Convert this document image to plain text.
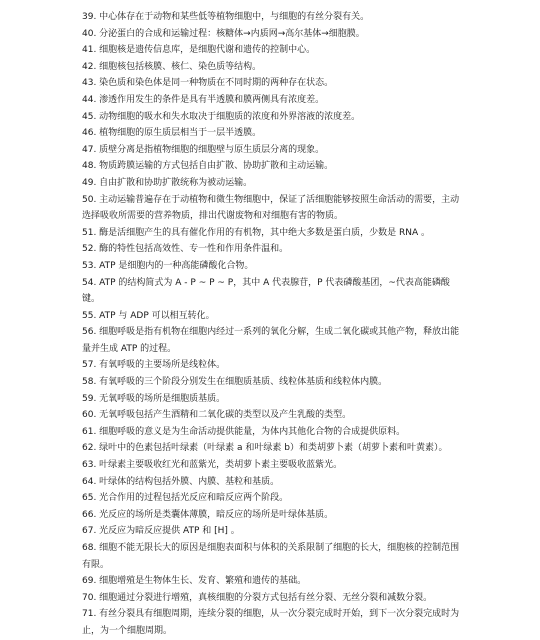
39. 中心体存在于动物和某些低等植物细胞中，与细胞的有丝分裂有关。
40. 分泌蛋白的合成和运输过程：核糖体→内质网→高尔基体→细胞膜。
41. 细胞核是遗传信息库，是细胞代谢和遗传的控制中心。
42. 细胞核包括核膜、核仁、染色质等结构。
43. 染色质和染色体是同一种物质在不同时期的两种存在状态。
44. 渗透作用发生的条件是具有半透膜和膜两侧具有浓度差。
45. 动物细胞的吸水和失水取决于细胞质的浓度和外界溶液的浓度差。
46. 植物细胞的原生质层相当于一层半透膜。
47. 质壁分离是指植物细胞的细胞壁与原生质层分离的现象。
48. 物质跨膜运输的方式包括自由扩散、协助扩散和主动运输。
49. 自由扩散和协助扩散统称为被动运输。
50. 主动运输普遍存在于动植物和微生物细胞中，保证了活细胞能够按照生命活动的需要，主动选择吸收所需要的营养物质，排出代谢废物和对细胞有害的物质。
51. 酶是活细胞产生的具有催化作用的有机物，其中绝大多数是蛋白质，少数是 RNA 。
52. 酶的特性包括高效性、专一性和作用条件温和。
53. ATP 是细胞内的一种高能磷酸化合物。
54. ATP 的结构简式为 A - P ~ P ~ P，其中 A 代表腺苷，P 代表磷酸基团，~代表高能磷酸键。
55. ATP 与 ADP 可以相互转化。
56. 细胞呼吸是指有机物在细胞内经过一系列的氧化分解，生成二氧化碳或其他产物，释放出能量并生成 ATP 的过程。
57. 有氧呼吸的主要场所是线粒体。
58. 有氧呼吸的三个阶段分别发生在细胞质基质、线粒体基质和线粒体内膜。
59. 无氧呼吸的场所是细胞质基质。
60. 无氧呼吸包括产生酒精和二氧化碳的类型以及产生乳酸的类型。
61. 细胞呼吸的意义是为生命活动提供能量，为体内其他化合物的合成提供原料。
62. 绿叶中的色素包括叶绿素（叶绿素 a 和叶绿素 b）和类胡萝卜素（胡萝卜素和叶黄素）。
63. 叶绿素主要吸收红光和蓝紫光，类胡萝卜素主要吸收蓝紫光。
64. 叶绿体的结构包括外膜、内膜、基粒和基质。
65. 光合作用的过程包括光反应和暗反应两个阶段。
66. 光反应的场所是类囊体薄膜，暗反应的场所是叶绿体基质。
67. 光反应为暗反应提供 ATP 和 [H] 。
68. 细胞不能无限长大的原因是细胞表面积与体积的关系限制了细胞的长大，细胞核的控制范围有限。
69. 细胞增殖是生物体生长、发育、繁殖和遗传的基础。
70. 细胞通过分裂进行增殖，真核细胞的分裂方式包括有丝分裂、无丝分裂和减数分裂。
71. 有丝分裂具有细胞周期，连续分裂的细胞，从一次分裂完成时开始，到下一次分裂完成时为止，为一个细胞周期。
